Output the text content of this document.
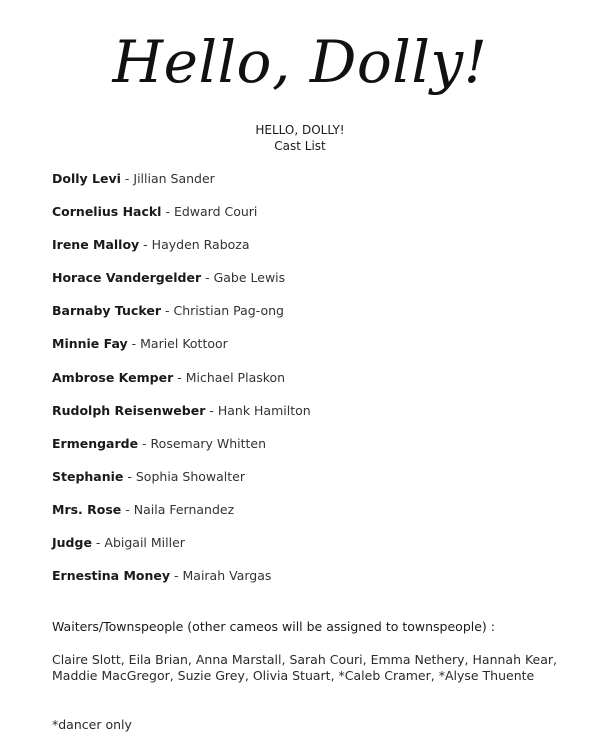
Hello, Dolly!
HELLO, DOLLY!
Cast List
Dolly Levi - Jillian Sander
Cornelius Hackl - Edward Couri
Irene Malloy - Hayden Raboza
Horace Vandergelder - Gabe Lewis
Barnaby Tucker - Christian Pag-ong
Minnie Fay - Mariel Kottoor
Ambrose Kemper - Michael Plaskon
Rudolph Reisenweber - Hank Hamilton
Ermengarde - Rosemary Whitten
Stephanie - Sophia Showalter
Mrs. Rose - Naila Fernandez
Judge - Abigail Miller
Ernestina Money - Mairah Vargas
Waiters/Townspeople (other cameos will be assigned to townspeople) :
Claire Slott, Eila Brian, Anna Marstall, Sarah Couri, Emma Nethery, Hannah Kear, Maddie MacGregor, Suzie Grey, Olivia Stuart, *Caleb Cramer, *Alyse Thuente
*dancer only
